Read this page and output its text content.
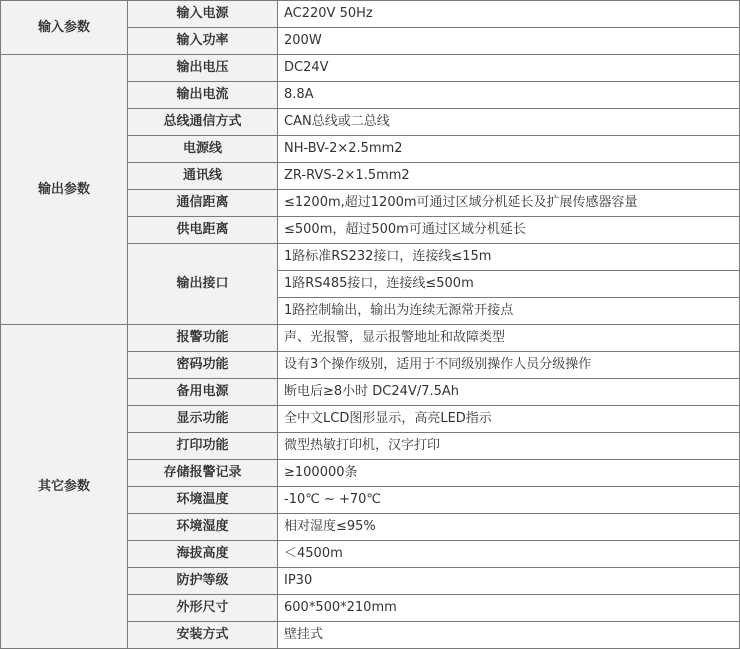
输入参数	输入电源	AC220V 50Hz
	输入功率	200W
输出参数	输出电压	DC24V
	输出电流	8.8A
	总线通信方式	CAN总线或二总线
	电源线	NH-BV-2×2.5mm2
	通讯线	ZR-RVS-2×1.5mm2
	通信距离	≤1200m,超过1200m可通过区域分机延长及扩展传感器容量
	供电距离	≤500m，超过500m可通过区域分机延长
	输出接口	1路标准RS232接口，连接线≤15m
		1路RS485接口，连接线≤500m
		1路控制输出，输出为连续无源常开接点
其它参数	报警功能	声、光报警，显示报警地址和故障类型
	密码功能	设有3个操作级别，适用于不同级别操作人员分级操作
	备用电源	断电后≥8小时 DC24V/7.5Ah
	显示功能	全中文LCD图形显示，高亮LED指示
	打印功能	微型热敏打印机，汉字打印
	存储报警记录	≥100000条
	环境温度	-10℃ ~ +70℃
	环境湿度	相对湿度≤95%
	海拔高度	＜4500m
	防护等级	IP30
	外形尺寸	600*500*210mm
	安装方式	壁挂式
